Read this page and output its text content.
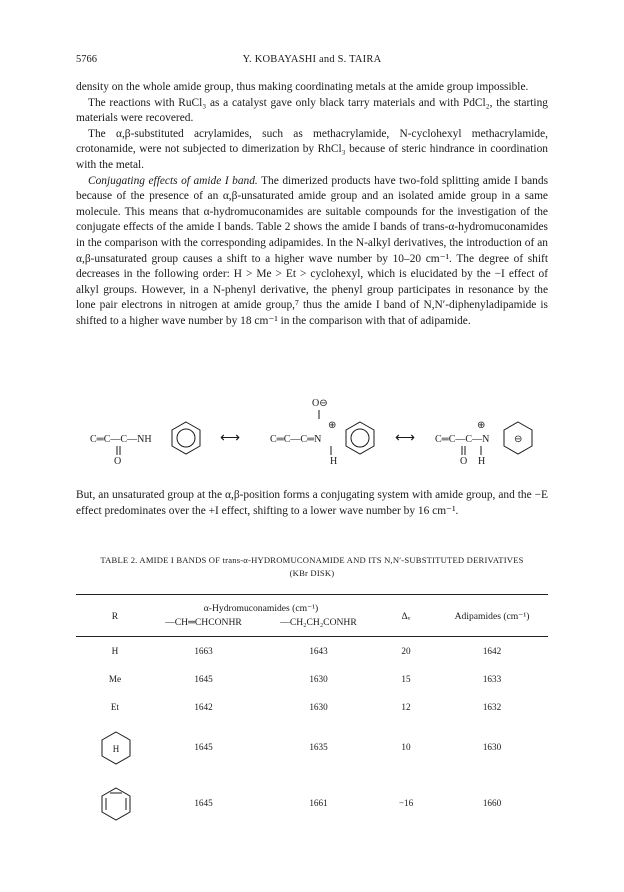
5766	Y. KOBAYASHI and S. TAIRA

density on the whole amide group, thus making coordinating metals at the amide group impossible.

The reactions with RuCl₃ as a catalyst gave only black tarry materials and with PdCl₂, the starting materials were recovered.

The α,β-substituted acrylamides, such as methacrylamide, N-cyclohexyl methacrylamide, crotonamide, were not subjected to dimerization by RhCl₃ because of steric hindrance in coordination with the metal.

Conjugating effects of amide I band. The dimerized products have two-fold splitting amide I bands because of the presence of an α,β-unsaturated amide group and an isolated amide group in a same molecule. This means that α-hydromuconamides are suitable compounds for the investigation of the conjugate effects of the amide I bands. Table 2 shows the amide I bands of trans-α-hydromuconamides in the comparison with the corresponding adipamides. In the N-alkyl derivatives, the introduction of an α,β-unsaturated group causes a shift to a higher wave number by 10–20 cm⁻¹. The degree of shift decreases in the following order: H > Me > Et > cyclohexyl, which is elucidated by the −I effect of alkyl groups. However, in a N-phenyl derivative, the phenyl group participates in resonance by the lone pair electrons in nitrogen at amide group,⁷ thus the amide I band of N,N′-diphenyladipamide is shifted to a higher wave number by 18 cm⁻¹ in the comparison with that of adipamide.

C═C—C—NH
O
⟷
O⊖
⊕
C═C—C═N
H
⟷
⊕
C═C—C—N
O H
⊖

But, an unsaturated group at the α,β-position forms a conjugating system with amide group, and the −E effect predominates over the +I effect, shifting to a lower wave number by 16 cm⁻¹.

TABLE 2. AMIDE I BANDS OF trans-α-HYDROMUCONAMIDE AND ITS N,N′-SUBSTITUTED DERIVATIVES
(KBr DISK)
R
α-Hydromuconamides (cm⁻¹)
—CH═CHCONHR	—CH₂CH₂CONHR
Δᵥ	Adipamides (cm⁻¹)
H	1663	1643	20	1642
Me	1645	1630	15	1633
Et	1642	1630	12	1632
H	1645	1635	10	1630
1645	1661	−16	1660
